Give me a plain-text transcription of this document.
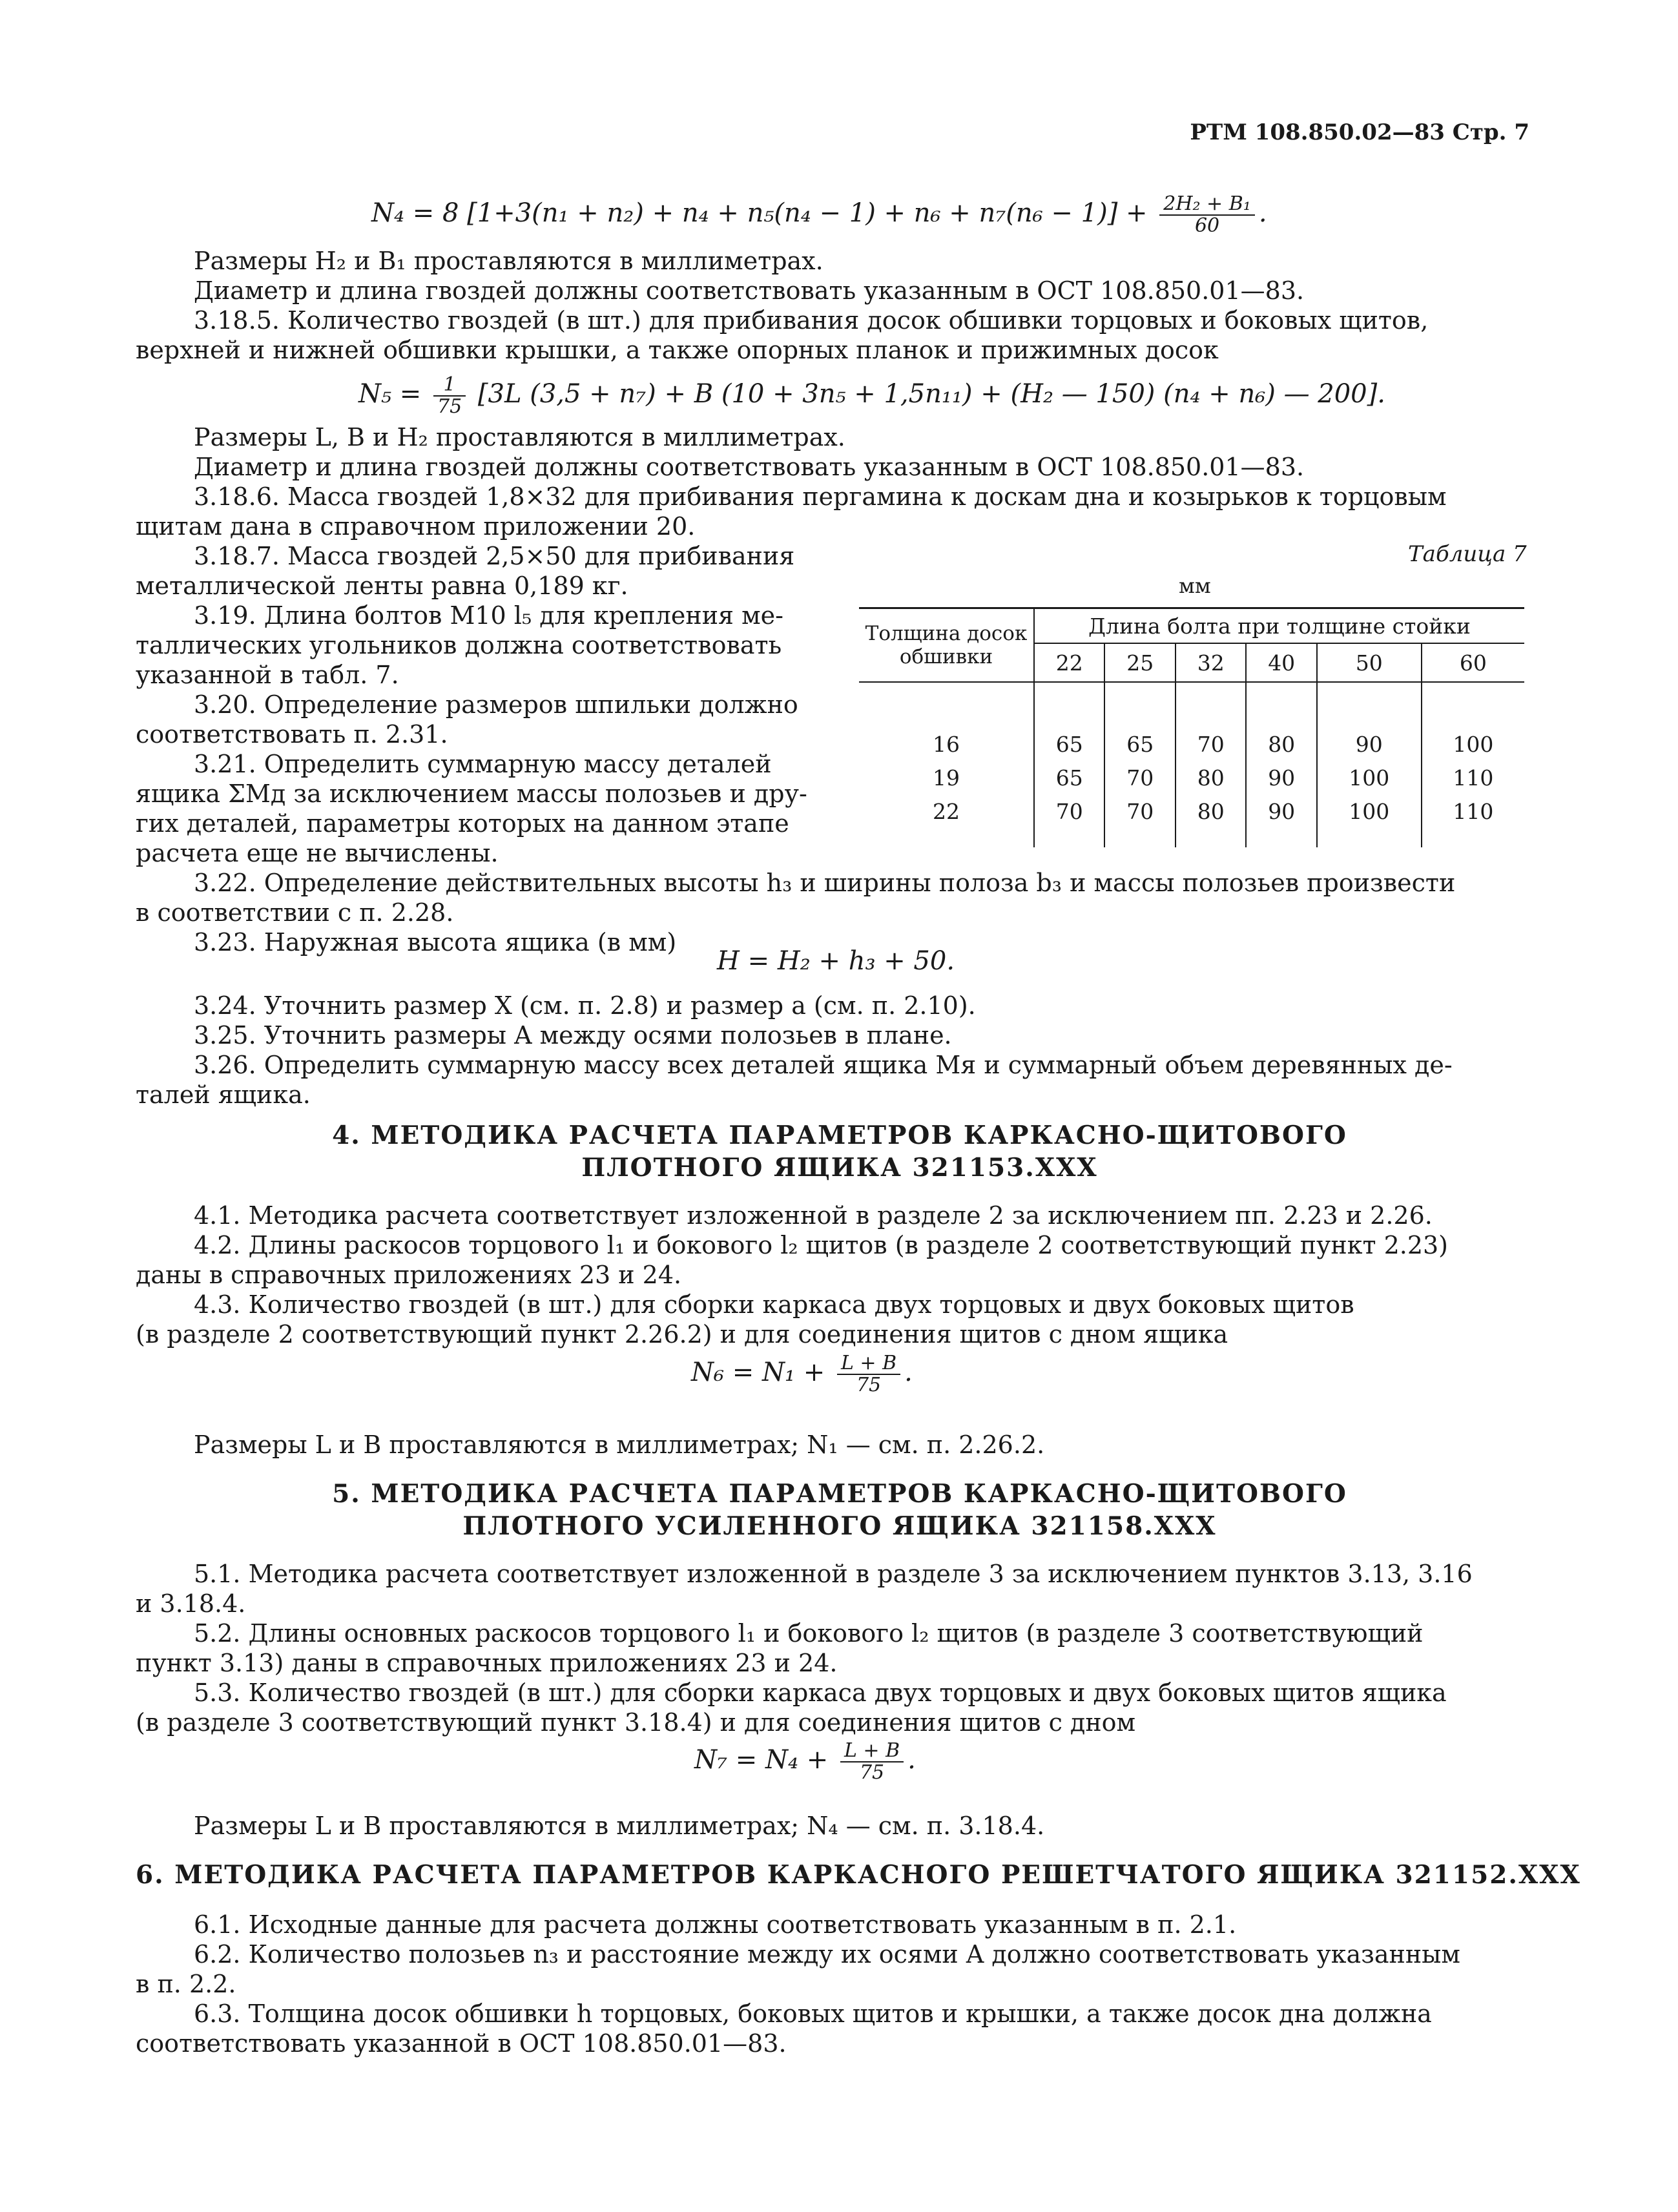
РТМ 108.850.02—83 Стр. 7
N₄ = 8 $[1+3(n_1 + n_2) + n_4 + n_5(n_4 - 1) + n_6 + n_7(n_6 - 1)] + \frac{\text{2H₂ + B₁}}{60}$ .
Размеры H₂ и B₁ проставляются в миллиметрах.
Диаметр и длина гвоздей должны соответствовать указанным в ОСТ 108.850.01—83.
3.18.5. Количество гвоздей (в шт.) для прибивания досок обшивки торцовых и боковых щитов,
верхней и нижней обшивки крышки, а также опорных планок и прижимных досок
$N_5 = \frac{1}{75} [3L$ (3,5 + n₇) + B (10 + 3n₅ + 1,5n₁₁) + (H₂ — 150) (n₄ + n₆) — 200].
Размеры L, B и H₂ проставляются в миллиметрах.
Диаметр и длина гвоздей должны соответствовать указанным в ОСТ 108.850.01—83.
3.18.6. Масса гвоздей 1,8×32 для прибивания пергамина к доскам дна и козырьков к торцовым
щитам дана в справочном приложении 20.
3.18.7. Масса гвоздей 2,5×50 для прибивания
металлической ленты равна 0,189 кг.
3.19. Длина болтов М10 l₅ для крепления ме-
таллических угольников должна соответствовать
указанной в табл. 7.
3.20. Определение размеров шпильки должно
соответствовать п. 2.31.
3.21. Определить суммарную массу деталей
ящика ΣMд за исключением массы полозьев и дру-
гих деталей, параметры которых на данном этапе
расчета еще не вычислены.
Таблица 7
мм
Толщина досок обшивки	Длина болта при толщине стойки					
	22	25	32	40	50	60

16	65	65	70	80	90	100
19	65	70	80	90	100	110
22	70	70	80	90	100	110

3.22. Определение действительных высоты h₃ и ширины полоза b₃ и массы полозьев произвести
в соответствии с п. 2.28.
3.23. Наружная высота ящика (в мм)
H = H₂ + h₃ + 50.
3.24. Уточнить размер X (см. п. 2.8) и размер a (см. п. 2.10).
3.25. Уточнить размеры A между осями полозьев в плане.
3.26. Определить суммарную массу всех деталей ящика Mя и суммарный объем деревянных де-
талей ящика.
4. МЕТОДИКА РАСЧЕТА ПАРАМЕТРОВ КАРКАСНО-ЩИТОВОГО
ПЛОТНОГО ЯЩИКА 321153.XXX
4.1. Методика расчета соответствует изложенной в разделе 2 за исключением пп. 2.23 и 2.26.
4.2. Длины раскосов торцового l₁ и бокового l₂ щитов (в разделе 2 соответствующий пункт 2.23)
даны в справочных приложениях 23 и 24.
4.3. Количество гвоздей (в шт.) для сборки каркаса двух торцовых и двух боковых щитов
(в разделе 2 соответствующий пункт 2.26.2) и для соединения щитов с дном ящика
$N_6 = N_1 + \frac{L + B}{75}$ .
Размеры L и B проставляются в миллиметрах; N₁ — см. п. 2.26.2.
5. МЕТОДИКА РАСЧЕТА ПАРАМЕТРОВ КАРКАСНО-ЩИТОВОГО
ПЛОТНОГО УСИЛЕННОГО ЯЩИКА 321158.XXX
5.1. Методика расчета соответствует изложенной в разделе 3 за исключением пунктов 3.13, 3.16
и 3.18.4.
5.2. Длины основных раскосов торцового l₁ и бокового l₂ щитов (в разделе 3 соответствующий
пункт 3.13) даны в справочных приложениях 23 и 24.
5.3. Количество гвоздей (в шт.) для сборки каркаса двух торцовых и двух боковых щитов ящика
(в разделе 3 соответствующий пункт 3.18.4) и для соединения щитов с дном
$N_7 = N_4 + \frac{L + B}{75}$ .
Размеры L и B проставляются в миллиметрах; N₄ — см. п. 3.18.4.
6. МЕТОДИКА РАСЧЕТА ПАРАМЕТРОВ КАРКАСНОГО РЕШЕТЧАТОГО ЯЩИКА 321152.XXX
6.1. Исходные данные для расчета должны соответствовать указанным в п. 2.1.
6.2. Количество полозьев n₃ и расстояние между их осями A должно соответствовать указанным
в п. 2.2.
6.3. Толщина досок обшивки h торцовых, боковых щитов и крышки, а также досок дна должна
соответствовать указанной в ОСТ 108.850.01—83.
